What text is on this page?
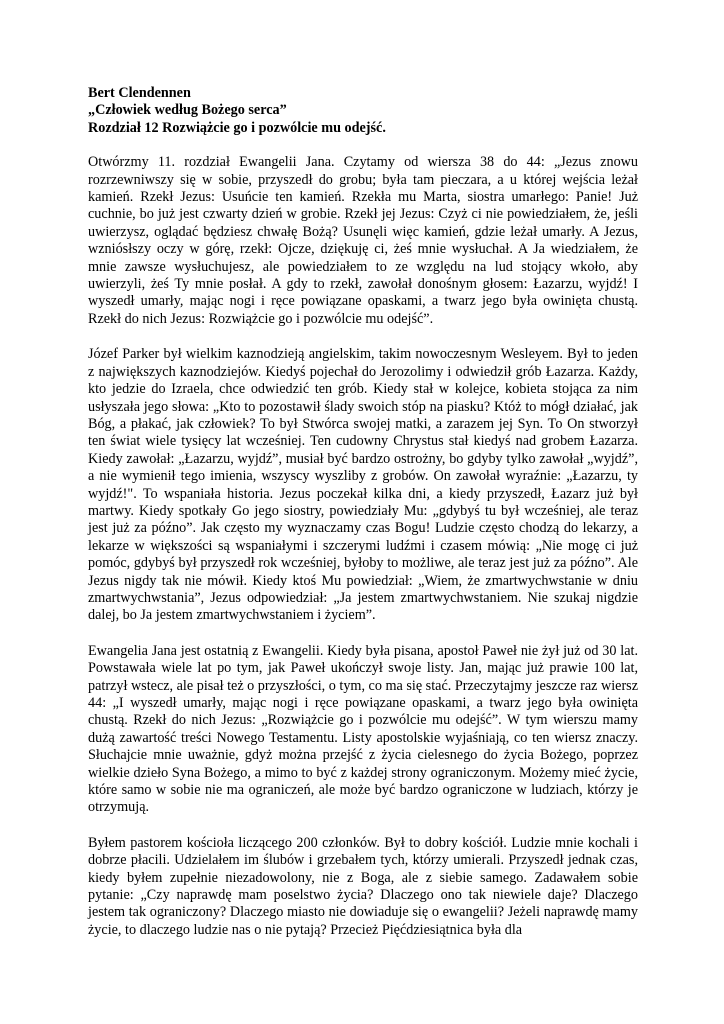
Bert Clendennen

„Człowiek według Bożego serca”

Rozdział 12 Rozwiążcie go i pozwólcie mu odejść.

Otwórzmy 11. rozdział Ewangelii Jana. Czytamy od wiersza 38 do 44: „Jezus znowu rozrzewniwszy się w sobie, przyszedł do grobu; była tam pieczara, a u której wejścia leżał kamień. Rzekł Jezus: Usuńcie ten kamień. Rzekła mu Marta, siostra umarłego: Panie! Już cuchnie, bo już jest czwarty dzień w grobie. Rzekł jej Jezus: Czyż ci nie powiedziałem, że, jeśli uwierzysz, oglądać będziesz chwałę Bożą? Usunęli więc kamień, gdzie leżał umarły. A Jezus, wzniósłszy oczy w górę, rzekł: Ojcze, dziękuję ci, żeś mnie wysłuchał. A Ja wiedziałem, że mnie zawsze wysłuchujesz, ale powiedziałem to ze względu na lud stojący wkoło, aby uwierzyli, żeś Ty mnie posłał. A gdy to rzekł, zawołał donośnym głosem: Łazarzu, wyjdź! I wyszedł umarły, mając nogi i ręce powiązane opaskami, a twarz jego była owinięta chustą. Rzekł do nich Jezus: Rozwiążcie go i pozwólcie mu odejść”.

Józef Parker był wielkim kaznodzieją angielskim, takim nowoczesnym Wesleyem. Był to jeden z największych kaznodziejów. Kiedyś pojechał do Jerozolimy i odwiedził grób Łazarza. Każdy, kto jedzie do Izraela, chce odwiedzić ten grób. Kiedy stał w kolejce, kobieta stojąca za nim usłyszała jego słowa: „Kto to pozostawił ślady swoich stóp na piasku? Któż to mógł działać, jak Bóg, a płakać, jak człowiek? To był Stwórca swojej matki, a zarazem jej Syn. To On stworzył ten świat wiele tysięcy lat wcześniej. Ten cudowny Chrystus stał kiedyś nad grobem Łazarza. Kiedy zawołał: „Łazarzu, wyjdź”, musiał być bardzo ostrożny, bo gdyby tylko zawołał „wyjdź”, a nie wymienił tego imienia, wszyscy wyszliby z grobów. On zawołał wyraźnie: „Łazarzu, ty wyjdź!". To wspaniała historia. Jezus poczekał kilka dni, a kiedy przyszedł, Łazarz już był martwy. Kiedy spotkały Go jego siostry, powiedziały Mu: „gdybyś tu był wcześniej, ale teraz jest już za późno”. Jak często my wyznaczamy czas Bogu! Ludzie często chodzą do lekarzy, a lekarze w większości są wspaniałymi i szczerymi ludźmi i czasem mówią: „Nie mogę ci już pomóc, gdybyś był przyszedł rok wcześniej, byłoby to możliwe, ale teraz jest już za późno”. Ale Jezus nigdy tak nie mówił. Kiedy ktoś Mu powiedział: „Wiem, że zmartwychwstanie w dniu zmartwychwstania”, Jezus odpowiedział: „Ja jestem zmartwychwstaniem. Nie szukaj nigdzie dalej, bo Ja jestem zmartwychwstaniem i życiem”.

Ewangelia Jana jest ostatnią z Ewangelii. Kiedy była pisana, apostoł Paweł nie żył już od 30 lat. Powstawała wiele lat po tym, jak Paweł ukończył swoje listy. Jan, mając już prawie 100 lat, patrzył wstecz, ale pisał też o przyszłości, o tym, co ma się stać. Przeczytajmy jeszcze raz wiersz 44: „I wyszedł umarły, mając nogi i ręce powiązane opaskami, a twarz jego była owinięta chustą. Rzekł do nich Jezus: „Rozwiążcie go i pozwólcie mu odejść”. W tym wierszu mamy dużą zawartość treści Nowego Testamentu. Listy apostolskie wyjaśniają, co ten wiersz znaczy. Słuchajcie mnie uważnie, gdyż można przejść z życia cielesnego do życia Bożego, poprzez wielkie dzieło Syna Bożego, a mimo to być z każdej strony ograniczonym. Możemy mieć życie, które samo w sobie nie ma ograniczeń, ale może być bardzo ograniczone w ludziach, którzy je otrzymują.

Byłem pastorem kościoła liczącego 200 członków. Był to dobry kościół. Ludzie mnie kochali i dobrze płacili. Udzielałem im ślubów i grzebałem tych, którzy umierali. Przyszedł jednak czas, kiedy byłem zupełnie niezadowolony, nie z Boga, ale z siebie samego. Zadawałem sobie pytanie: „Czy naprawdę mam poselstwo życia? Dlaczego ono tak niewiele daje? Dlaczego jestem tak ograniczony? Dlaczego miasto nie dowiaduje się o ewangelii? Jeżeli naprawdę mamy życie, to dlaczego ludzie nas o nie pytają? Przecież Pięćdziesiątnica była dla
